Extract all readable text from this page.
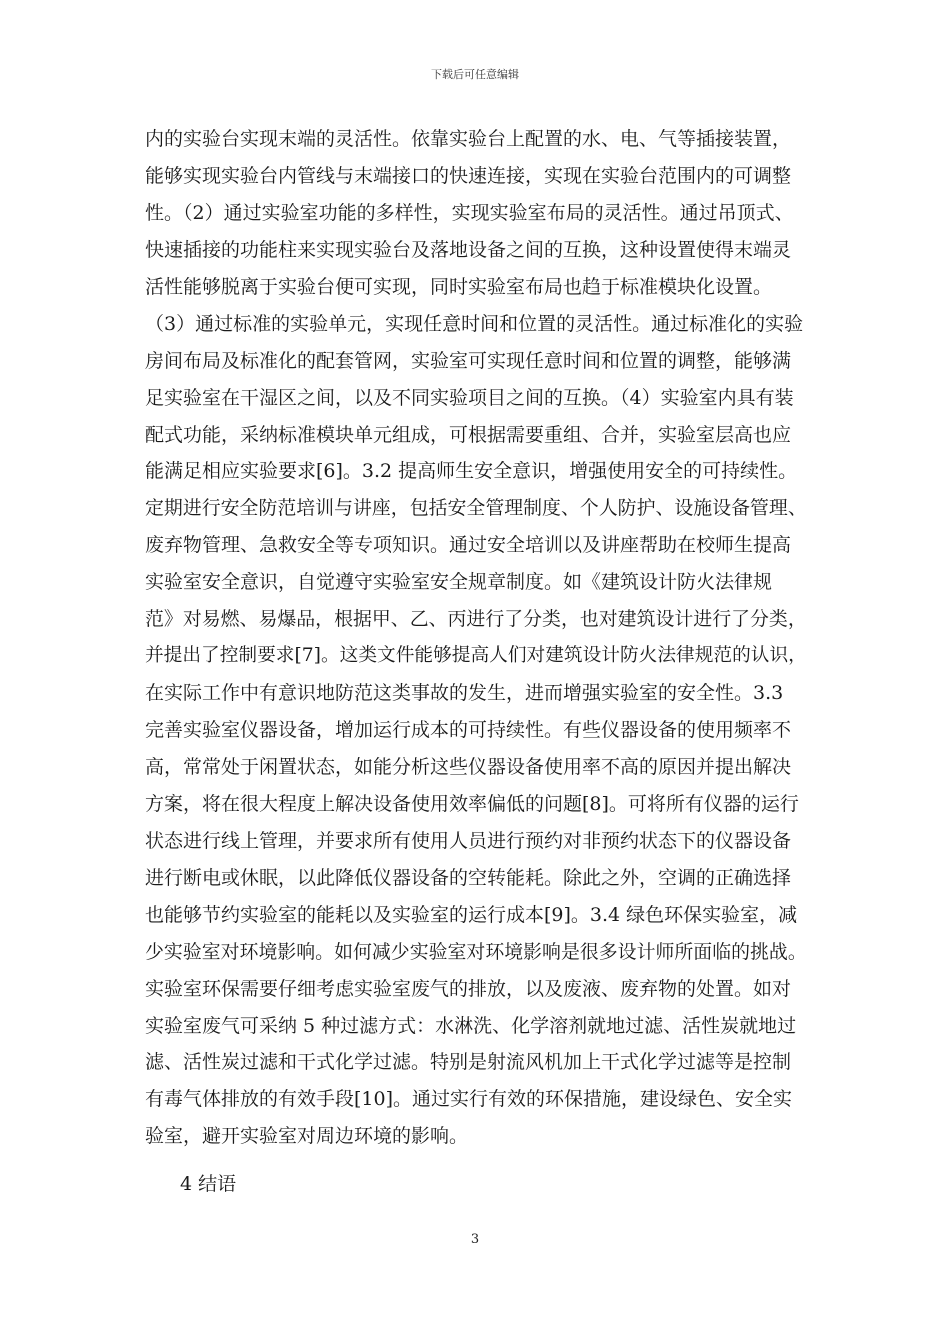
下载后可任意编辑
内的实验台实现末端的灵活性。依靠实验台上配置的水、电、气等插接装置，
能够实现实验台内管线与末端接口的快速连接，实现在实验台范围内的可调整
性。（2）通过实验室功能的多样性，实现实验室布局的灵活性。通过吊顶式、
快速插接的功能柱来实现实验台及落地设备之间的互换，这种设置使得末端灵
活性能够脱离于实验台便可实现，同时实验室布局也趋于标准模块化设置。
（3）通过标准的实验单元，实现任意时间和位置的灵活性。通过标准化的实验
房间布局及标准化的配套管网，实验室可实现任意时间和位置的调整，能够满
足实验室在干湿区之间，以及不同实验项目之间的互换。（4）实验室内具有装
配式功能，采纳标准模块单元组成，可根据需要重组、合并，实验室层高也应
能满足相应实验要求[6]。3.2 提高师生安全意识，增强使用安全的可持续性。
定期进行安全防范培训与讲座，包括安全管理制度、个人防护、设施设备管理、
废弃物管理、急救安全等专项知识。通过安全培训以及讲座帮助在校师生提高
实验室安全意识，自觉遵守实验室安全规章制度。如《建筑设计防火法律规
范》对易燃、易爆品，根据甲、乙、丙进行了分类，也对建筑设计进行了分类，
并提出了控制要求[7]。这类文件能够提高人们对建筑设计防火法律规范的认识，
在实际工作中有意识地防范这类事故的发生，进而增强实验室的安全性。3.3
完善实验室仪器设备，增加运行成本的可持续性。有些仪器设备的使用频率不
高，常常处于闲置状态，如能分析这些仪器设备使用率不高的原因并提出解决
方案，将在很大程度上解决设备使用效率偏低的问题[8]。可将所有仪器的运行
状态进行线上管理，并要求所有使用人员进行预约对非预约状态下的仪器设备
进行断电或休眠，以此降低仪器设备的空转能耗。除此之外，空调的正确选择
也能够节约实验室的能耗以及实验室的运行成本[9]。3.4 绿色环保实验室，减
少实验室对环境影响。如何减少实验室对环境影响是很多设计师所面临的挑战。
实验室环保需要仔细考虑实验室废气的排放，以及废液、废弃物的处置。如对
实验室废气可采纳 5 种过滤方式：水淋洗、化学溶剂就地过滤、活性炭就地过
滤、活性炭过滤和干式化学过滤。特别是射流风机加上干式化学过滤等是控制
有毒气体排放的有效手段[10]。通过实行有效的环保措施，建设绿色、安全实
验室，避开实验室对周边环境的影响。
4 结语
3
